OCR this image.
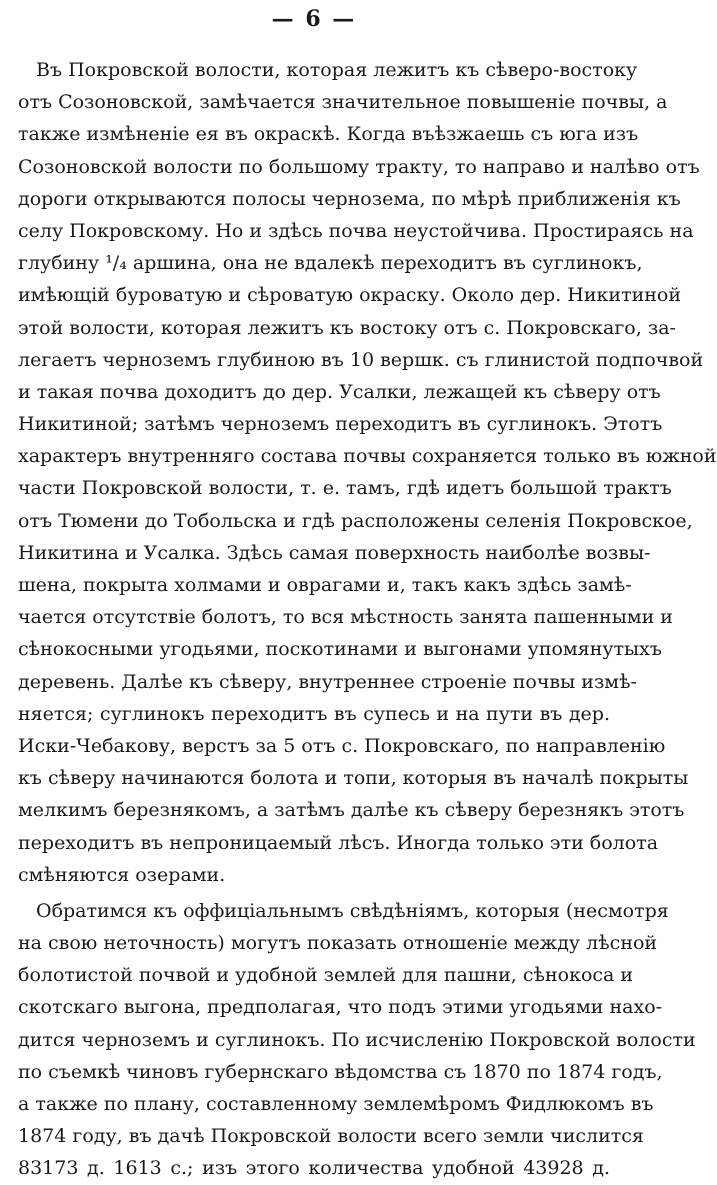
— 6 —
Въ Покровской волости, которая лежитъ къ сѣверо-востоку
отъ Созоновской, замѣчается значительное повышеніе почвы, а
также измѣненіе ея въ окраскѣ. Когда въѣзжаешь съ юга изъ
Созоновской волости по большому тракту, то направо и налѣво отъ
дороги открываются полосы чернозема, по мѣрѣ приближенія къ
селу Покровскому. Но и здѣсь почва неустойчива. Простираясь на
глубину ¹/₄ аршина, она не вдалекѣ переходитъ въ суглинокъ,
имѣющій буроватую и сѣроватую окраску. Около дер. Никитиной
этой волости, которая лежитъ къ востоку отъ с. Покровскаго, за-
легаетъ черноземъ глубиною въ 10 вершк. съ глинистой подпочвой
и такая почва доходитъ до дер. Усалки, лежащей къ сѣверу отъ
Никитиной; затѣмъ черноземъ переходитъ въ суглинокъ. Этотъ
характеръ внутренняго состава почвы сохраняется только въ южной
части Покровской волости, т. е. тамъ, гдѣ идетъ большой трактъ
отъ Тюмени до Тобольска и гдѣ расположены селенія Покровское,
Никитина и Усалка. Здѣсь самая поверхность наиболѣе возвы-
шена, покрыта холмами и оврагами и, такъ какъ здѣсь замѣ-
чается отсутствіе болотъ, то вся мѣстность занята пашенными и
сѣнокосными угодьями, поскотинами и выгонами упомянутыхъ
деревень. Далѣе къ сѣверу, внутреннее строеніе почвы измѣ-
няется; суглинокъ переходитъ въ супесь и на пути въ дер.
Иски-Чебакову, верстъ за 5 отъ с. Покровскаго, по направленію
къ сѣверу начинаются болота и топи, которыя въ началѣ покрыты
мелкимъ березнякомъ, а затѣмъ далѣе къ сѣверу березнякъ этотъ
переходитъ въ непроницаемый лѣсъ. Иногда только эти болота
смѣняются озерами.
Обратимся къ оффиціальнымъ свѣдѣніямъ, которыя (несмотря
на свою неточность) могутъ показать отношеніе между лѣсной
болотистой почвой и удобной землей для пашни, сѣнокоса и
скотскаго выгона, предполагая, что подъ этими угодьями нахо-
дится черноземъ и суглинокъ. По исчисленію Покровской волости
по съемкѣ чиновъ губернскаго вѣдомства съ 1870 по 1874 годъ,
а также по плану, составленному землемѣромъ Фидлюкомъ въ
1874 году, въ дачѣ Покровской волости всего земли числится
83173 д. 1613 с.; изъ этого количества удобной 43928 д.
